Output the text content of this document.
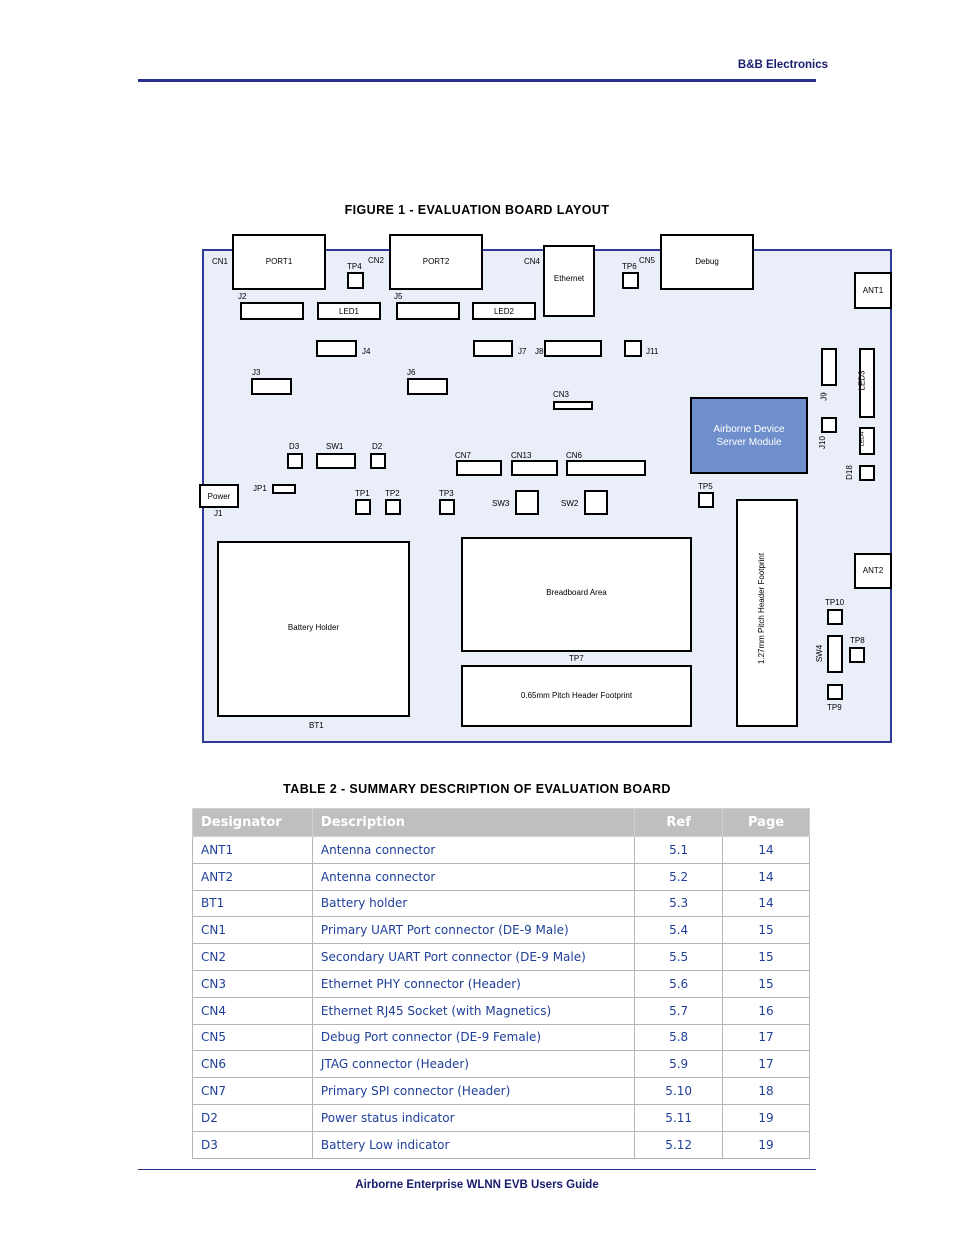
B&B Electronics
FIGURE 1 - EVALUATION BOARD LAYOUT
CN1	PORT1
TP4
CN2	PORT2	CN4
Ethernet
TP6
CN5	Debug
ANT1
J2
LED1
J5
LED2
J4	J7 J8	J11
J3	J6
CN3	J9
LED3
Airborne Device Server Module	J10	LED4
D18
D3	SW1	D2
CN7	CN13	CN6
Power
J1
JP1
TP1 TP2	TP3
SW3	SW2
TP5
Battery Holder
BT1
Breadboard Area
TP7
0.65mm Pitch Header Footprint
1.27mm Pitch Header Footprint	ANT2
TP10
SW4
TP8
TP9
TABLE 2 - SUMMARY DESCRIPTION OF EVALUATION BOARD
Designator	Description	Ref	Page
ANT1	Antenna connector	5.1	14
ANT2	Antenna connector	5.2	14
BT1	Battery holder	5.3	14
CN1	Primary UART Port connector (DE-9 Male)	5.4	15
CN2	Secondary UART Port connector (DE-9 Male)	5.5	15
CN3	Ethernet PHY connector (Header)	5.6	15
CN4	Ethernet RJ45 Socket (with Magnetics)	5.7	16
CN5	Debug Port connector (DE-9 Female)	5.8	17
CN6	JTAG connector (Header)	5.9	17
CN7	Primary SPI connector (Header)	5.10	18
D2	Power status indicator	5.11	19
D3	Battery Low indicator	5.12	19
Airborne Enterprise WLNN EVB Users Guide
